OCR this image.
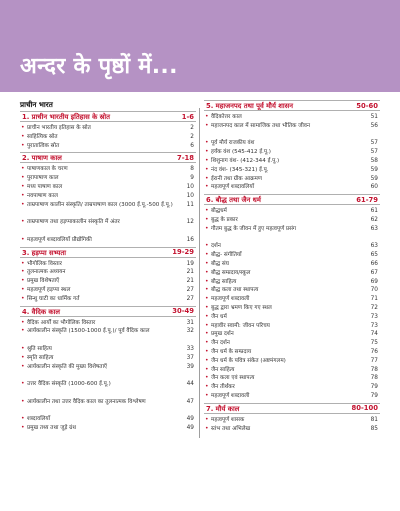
अन्दर के पृष्ठों में...
प्राचीन भारत
1. प्राचीन भारतीय इतिहास के स्रोत	1-6
• प्राचीन भारतीय इतिहास के स्रोत	2
• साहित्यिक स्रोत	2
• पुरातात्विक स्रोत	6
2. पाषाण काल	7-18
• पाषाणकाल के चरण	8
• पुरापाषाण काल	9
• मध्य पाषाण काल	10
• नवपाषाण काल	10
• ताम्रपाषाण कालीन संस्कृति/ ताम्रपाषाण काल (3000 ई.पू.-500 ई.पू.)	11
• ताम्रपाषाण तथा हड़प्पाकालीन संस्कृति में अंतर	12
• महत्वपूर्ण शब्दावलियाँ प्रौद्योगिकी	16
3. हड़प्पा सभ्यता	19-29
• भौगोलिक विस्तार	19
• तुलनात्मक अध्ययन	21
• प्रमुख विशेषताएँ	21
• महत्वपूर्ण हड़प्पा स्थल	27
• सिन्धु घाटी का धार्मिक गर्त	27
4. वैदिक काल	30-49
• वैदिक आर्यों का भौगोलिक विस्तार	31
• आर्यकालीन संस्कृति (1500-1000 ई.पू.)/ पूर्व वैदिक काल	32
• श्रुति साहित्य	33
• स्मृति साहित्य	37
• आर्यकालीन संस्कृति की मुख्य विशेषताएँ	39
• उत्तर वैदिक संस्कृति (1000-600 ई.पू.)	44
• आर्यकालीन तथा उत्तर वैदिक काल का तुलनात्मक विश्लेषण	47
• शब्दावलियाँ	49
• प्रमुख तथ्य तथा जुड़े ग्रंथ	49
5. महाजनपद तथा पूर्व मौर्य शासन	50-60
• वैदिकोत्तर काल	51
• महाजनपद काल में सामाजिक तथा भौतिक जीवन	56
• पूर्व मौर्य राजकीय वंश	57
• हर्यक वंश (545-412 ई.पू.)	57
• शिशुनाग वंश- (412-344 ई.पू.)	58
• नंद वंश- (345-321) ई.पू.	59
• ईरानी तथा ग्रीक आक्रमण	59
• महत्वपूर्ण शब्दावलियाँ	60
6. बौद्ध तथा जैन धर्म	61-79
• बौद्धधर्म	61
• बुद्ध के प्रकार	62
• गौतम बुद्ध के जीवन में हुए महत्वपूर्ण प्रसंग	63
• दर्शन	63
• बौद्ध- संगीतियाँ	65
• बौद्ध संघ	66
• बौद्ध सम्प्रदाय/स्कूल	67
• बौद्ध साहित्य	69
• बौद्ध कला तथा स्थापत्य	70
• महत्वपूर्ण शब्दावली	71
• बुद्ध द्वारा भ्रमण किए गए स्थल	72
• जैन धर्म	73
• महावीर स्वामी: जीवन परिचय	73
• प्रमुख दर्शन	74
• जैन दर्शन	75
• जैन धर्म के सम्प्रदाय	76
• जैन धर्म के पवित्र संकेत (अष्टमंगलम)	77
• जैन साहित्य	78
• जैन कला एवं स्थापत्य	78
• जैन तीर्थंकर	79
• महत्वपूर्ण शब्दावली	79
7. मौर्य काल	80-100
• महत्वपूर्ण शासक	81
• स्तंभ तथा अभिलेख	85
